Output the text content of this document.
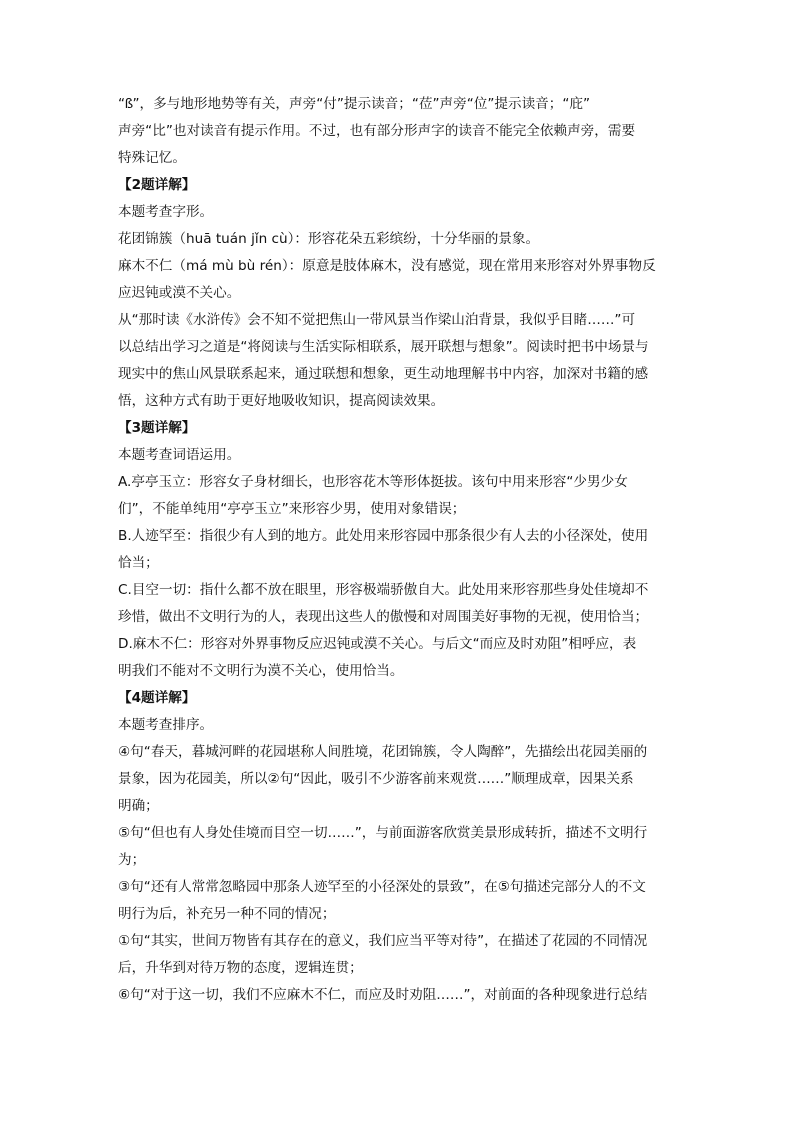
“ß”，多与地形地势等有关，声旁“付”提示读音；“莅”声旁“位”提示读音；“庇”
声旁“比”也对读音有提示作用。不过，也有部分形声字的读音不能完全依赖声旁，需要
特殊记忆。
【2题详解】
本题考查字形。
花团锦簇（huā tuán jǐn cù）：形容花朵五彩缤纷，十分华丽的景象。
麻木不仁（má mù bù rén）：原意是肢体麻木，没有感觉，现在常用来形容对外界事物反
应迟钝或漠不关心。
从“那时读《水浒传》会不知不觉把焦山一带风景当作梁山泊背景，我似乎目睹……”可
以总结出学习之道是“将阅读与生活实际相联系，展开联想与想象”。阅读时把书中场景与
现实中的焦山风景联系起来，通过联想和想象，更生动地理解书中内容，加深对书籍的感
悟，这种方式有助于更好地吸收知识，提高阅读效果。
【3题详解】
本题考查词语运用。
A.亭亭玉立：形容女子身材细长，也形容花木等形体挺拔。该句中用来形容“少男少女
们”，不能单纯用“亭亭玉立”来形容少男，使用对象错误；
B.人迹罕至：指很少有人到的地方。此处用来形容园中那条很少有人去的小径深处，使用
恰当；
C.目空一切：指什么都不放在眼里，形容极端骄傲自大。此处用来形容那些身处佳境却不
珍惜，做出不文明行为的人，表现出这些人的傲慢和对周围美好事物的无视，使用恰当；
D.麻木不仁：形容对外界事物反应迟钝或漠不关心。与后文“而应及时劝阻”相呼应，表
明我们不能对不文明行为漠不关心，使用恰当。
【4题详解】
本题考查排序。
④句“春天，暮城河畔的花园堪称人间胜境，花团锦簇，令人陶醉”，先描绘出花园美丽的
景象，因为花园美，所以②句“因此，吸引不少游客前来观赏……”顺理成章，因果关系
明确；
⑤句“但也有人身处佳境而目空一切……”，与前面游客欣赏美景形成转折，描述不文明行
为；
③句“还有人常常忽略园中那条人迹罕至的小径深处的景致”，在⑤句描述完部分人的不文
明行为后，补充另一种不同的情况；
①句“其实，世间万物皆有其存在的意义，我们应当平等对待”，在描述了花园的不同情况
后，升华到对待万物的态度，逻辑连贯；
⑥句“对于这一切，我们不应麻木不仁，而应及时劝阻……”，对前面的各种现象进行总结
